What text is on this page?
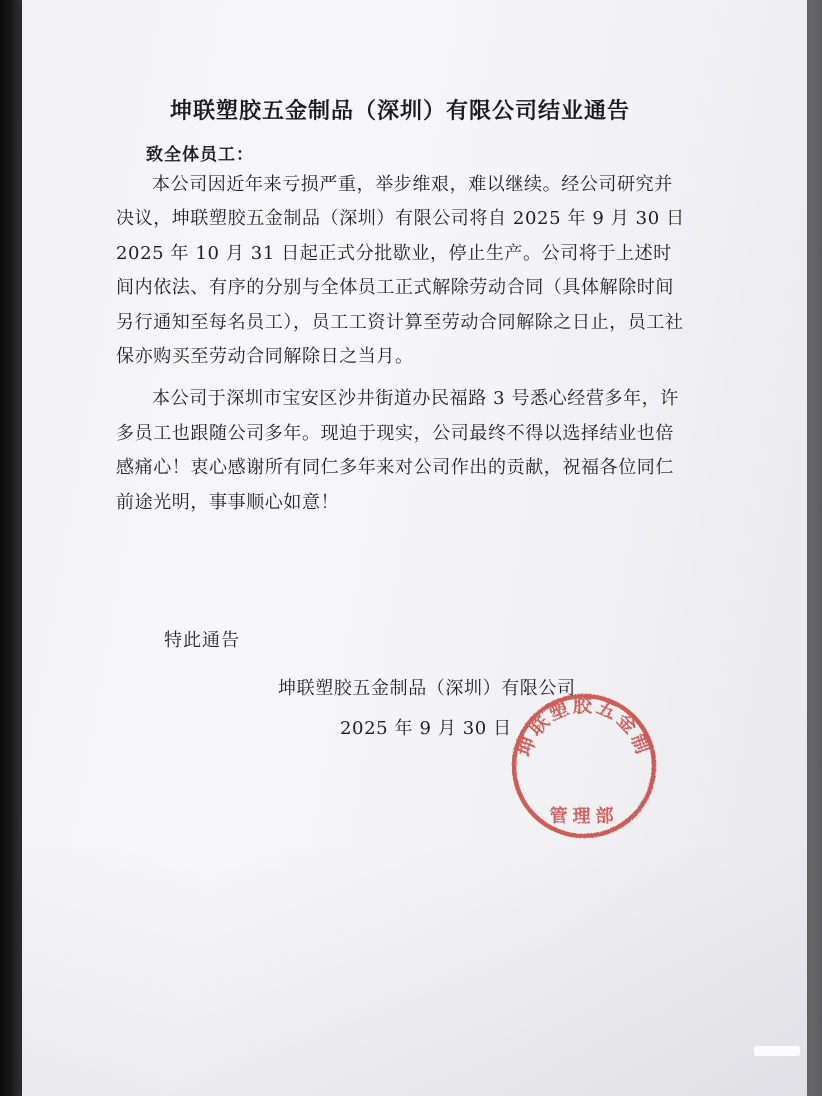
坤联塑胶五金制品（深圳）有限公司结业通告
致全体员工：

本公司因近年来亏损严重，举步维艰，难以继续。经公司研究并决议，坤联塑胶五金制品（深圳）有限公司将自 2025 年 9 月 30 日 2025 年 10 月 31 日起正式分批歇业，停止生产。公司将于上述时间内依法、有序的分别与全体员工正式解除劳动合同（具体解除时间另行通知至每名员工），员工工资计算至劳动合同解除之日止，员工社保亦购买至劳动合同解除日之当月。

本公司于深圳市宝安区沙井街道办民福路 3 号悉心经营多年，许多员工也跟随公司多年。现迫于现实，公司最终不得以选择结业也倍感痛心！衷心感谢所有同仁多年来对公司作出的贡献，祝福各位同仁前途光明，事事顺心如意！

特此通告
坤联塑胶五金制品（深圳）有限公司
2025 年 9 月 30 日
坤联塑胶五金制
管理部
